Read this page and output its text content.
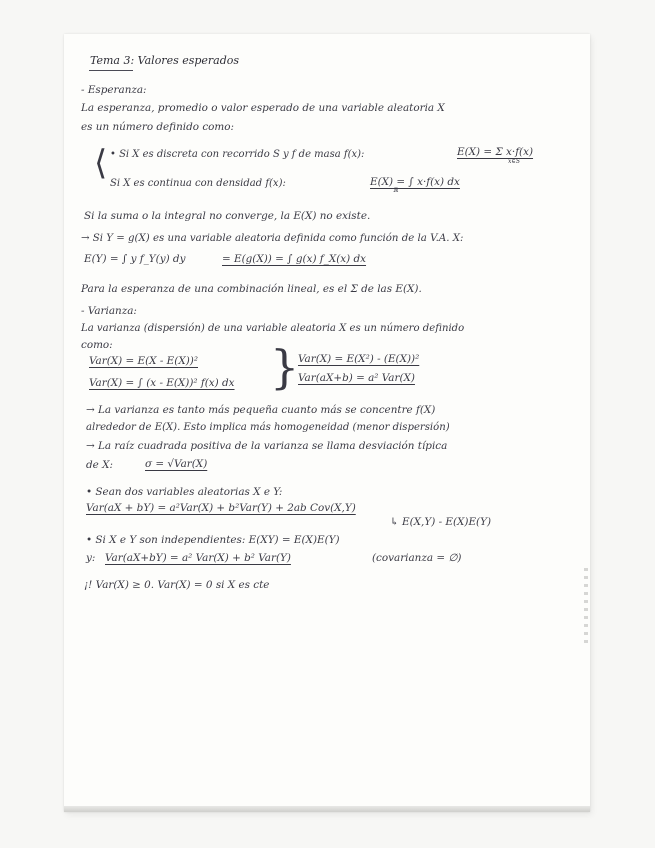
Tema 3: Valores esperados

- Esperanza:

La esperanza, promedio o valor esperado de una variable aleatoria X

es un número definido como:

⟨ • Si X es discreta con recorrido S y f de masa f(x):	E(X) = Σ x·f(x)

x∈S

Si X es continua con densidad f(x):	E(X) = ∫ x·f(x) dx

ℝ

Si la suma o la integral no converge, la E(X) no existe.

→ Si Y = g(X) es una variable aleatoria definida como función de la V.A. X:

E(Y) = ∫ y f_Y(y) dy	= E(g(X)) = ∫ g(x) f_X(x) dx

Para la esperanza de una combinación lineal, es el Σ de las E(X).

- Varianza:

La varianza (dispersión) de una variable aleatoria X es un número definido

como:

Var(X) = E(X - E(X))²

Var(X) = ∫ (x - E(X))² f(x) dx }

Var(X) = E(X²) - (E(X))²

Var(aX+b) = a² Var(X)

→ La varianza es tanto más pequeña cuanto más se concentre f(X)

alrededor de E(X). Esto implica más homogeneidad (menor dispersión)

→ La raíz cuadrada positiva de la varianza se llama desviación típica

de X:	σ = √Var(X)

• Sean dos variables aleatorias X e Y:

Var(aX + bY) = a²Var(X) + b²Var(Y) + 2ab Cov(X,Y)

↳ E(X,Y) - E(X)E(Y)

• Si X e Y son independientes: E(XY) = E(X)E(Y)

y: Var(aX+bY) = a² Var(X) + b² Var(Y)	(covarianza = ∅)

¡! Var(X) ≥ 0. Var(X) = 0 si X es cte
